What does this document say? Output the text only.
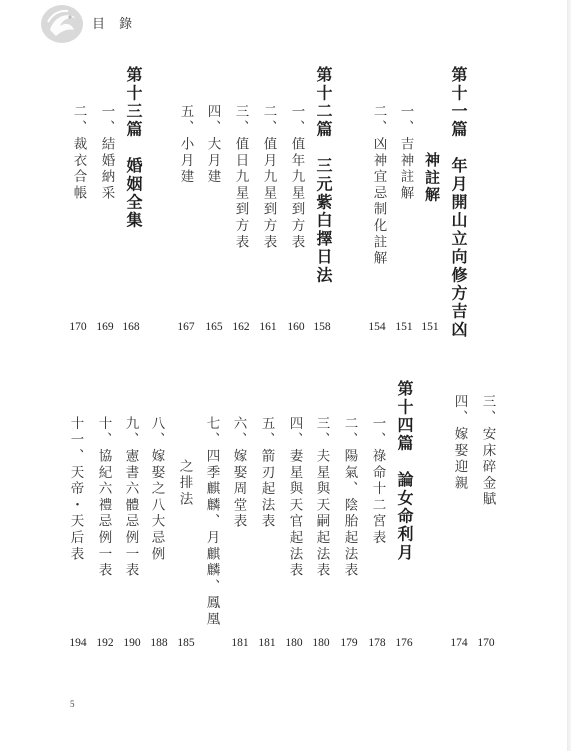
目 錄
第十一篇　年月開山立向修方吉凶
神註解
一、吉神註解
二、凶神宜忌制化註解
第十二篇　三元紫白擇日法
一、值年九星到方表
二、值月九星到方表
三、值日九星到方表
四、大月建
五、小月建
第十三篇　婚姻全集
一、結婚納采
二、裁衣合帳
151
151
154
158
160
161
162
165
167
168
169
170
三、安床碎金賦
四、嫁娶迎親
第十四篇　論女命利月
一、祿命十二宮表
二、陽氣、陰胎起法表
三、夫星與天嗣起法表
四、妻星與天官起法表
五、箭刃起法表
六、嫁娶周堂表
七、四季麒麟、月麒麟、鳳凰
之排法
八、嫁娶之八大忌例
九、憲書六體忌例一表
十、協紀六禮忌例一表
十一、天帝・天后表
170
174
176
178
179
180
180
181
181
185
188
190
192
194
5
